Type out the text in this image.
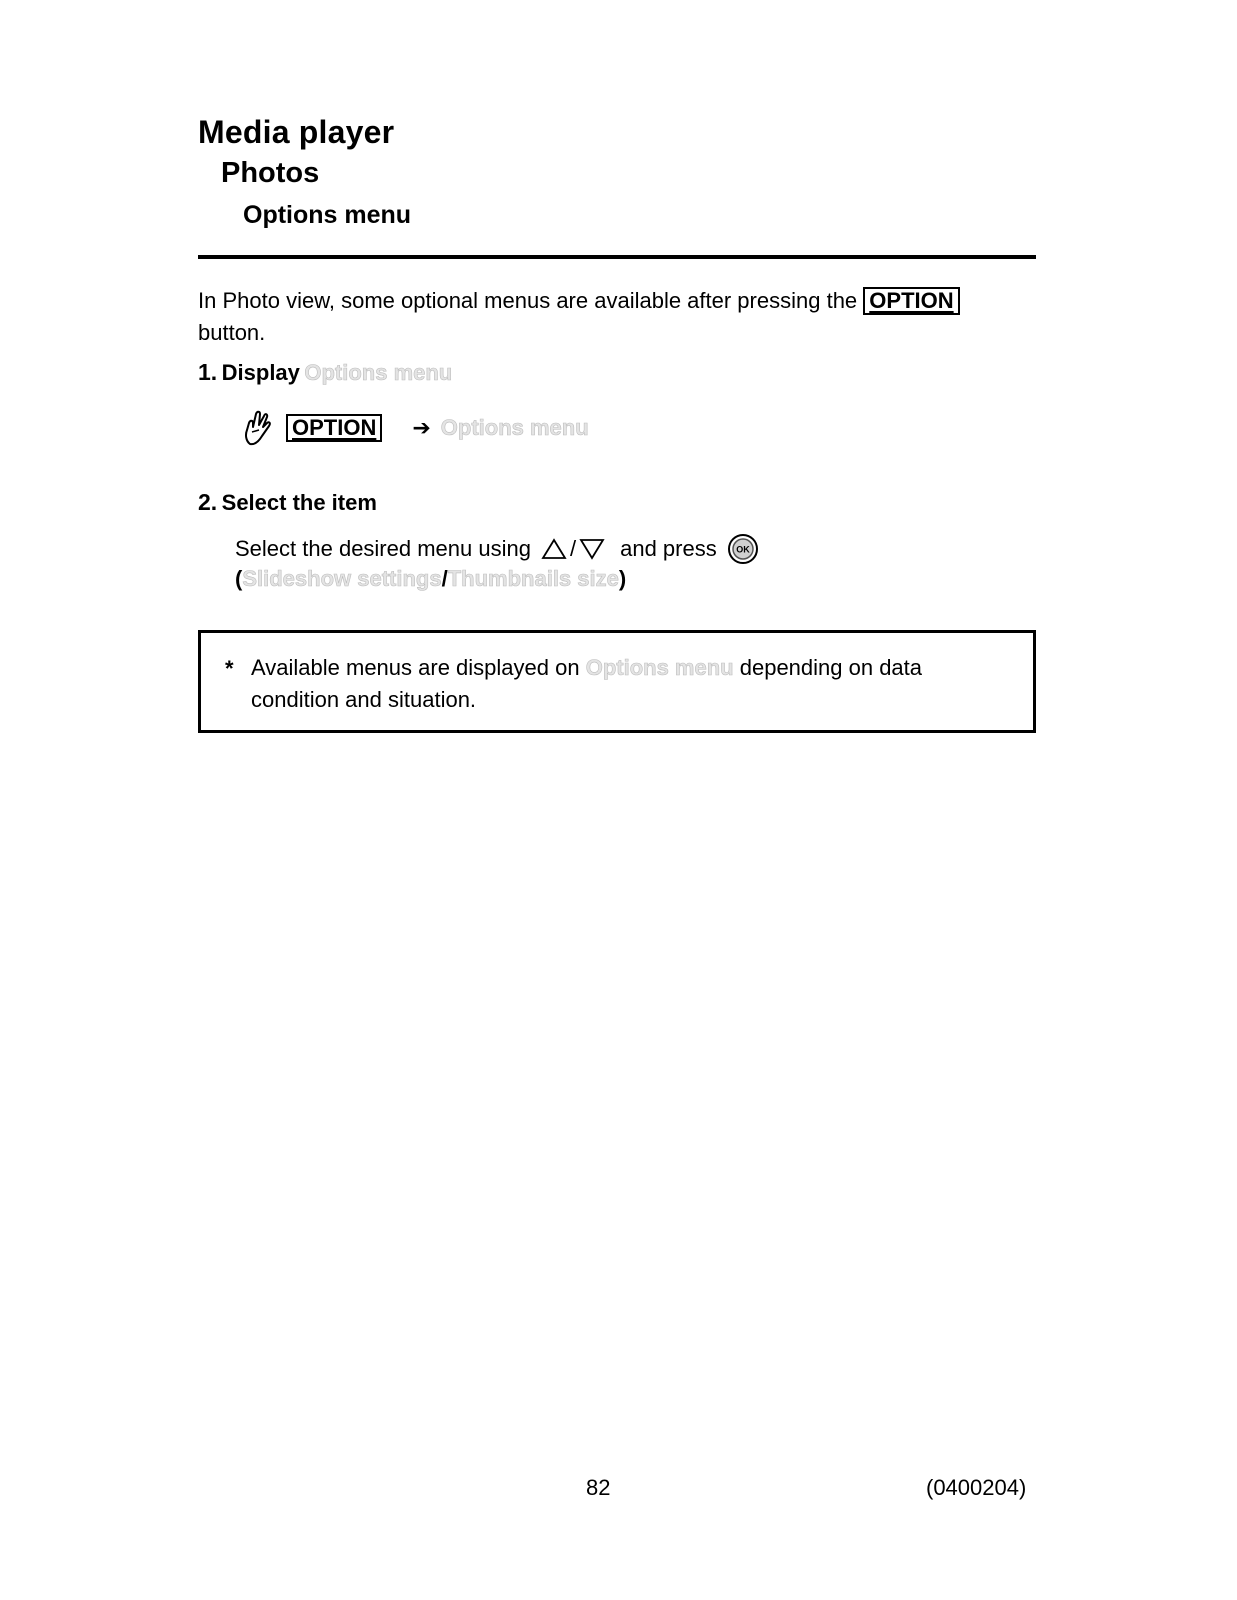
Media player
Photos
Options menu
In Photo view, some optional menus are available after pressing the OPTION
button.
1. Display Options menu
OPTION ➔ Options menu
2. Select the item
Select the desired menu using / and press OK
(Slideshow settings/Thumbnails size)
* Available menus are displayed on Options menu depending on data condition and situation.
82	(0400204)
